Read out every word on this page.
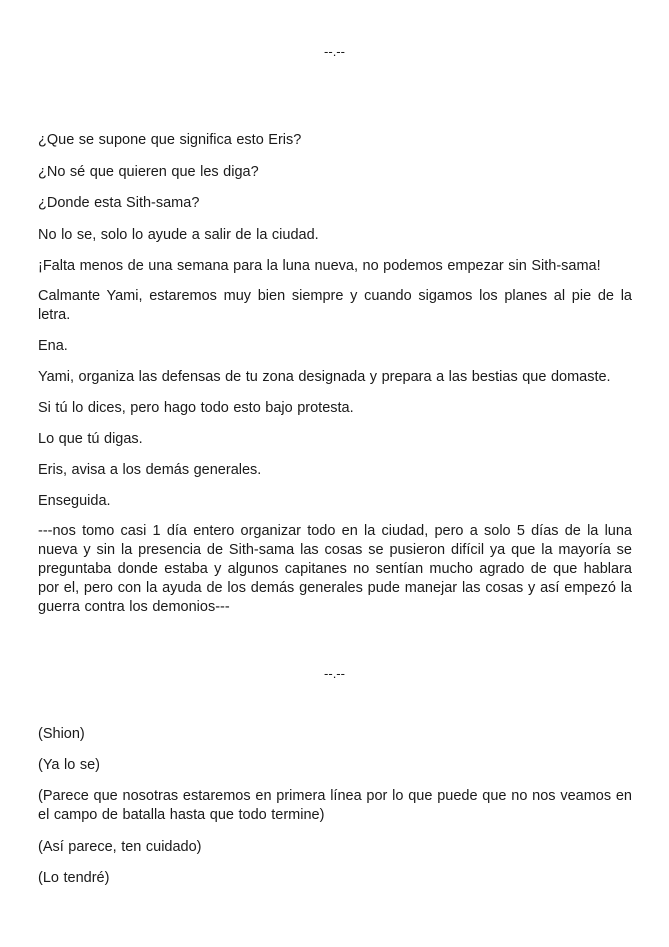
--.--

¿Que se supone que significa esto Eris?

¿No sé que quieren que les diga?

¿Donde esta Sith-sama?

No lo se, solo lo ayude a salir de la ciudad.

¡Falta menos de una semana para la luna nueva, no podemos empezar sin Sith-sama!

Calmante Yami, estaremos muy bien siempre y cuando sigamos los planes al pie de la letra.

Ena.

Yami, organiza las defensas de tu zona designada y prepara a las bestias que domaste.

Si tú lo dices, pero hago todo esto bajo protesta.

Lo que tú digas.

Eris, avisa a los demás generales.

Enseguida.

---nos tomo casi 1 día entero organizar todo en la ciudad, pero a solo 5 días de la luna nueva y sin la presencia de Sith-sama las cosas se pusieron difícil ya que la mayoría se preguntaba donde estaba y algunos capitanes no sentían mucho agrado de que hablara por el, pero con la ayuda de los demás generales pude manejar las cosas y así empezó la guerra contra los demonios---

--.--

(Shion)

(Ya lo se)

(Parece que nosotras estaremos en primera línea por lo que puede que no nos veamos en el campo de batalla hasta que todo termine)

(Así parece, ten cuidado)

(Lo tendré)
